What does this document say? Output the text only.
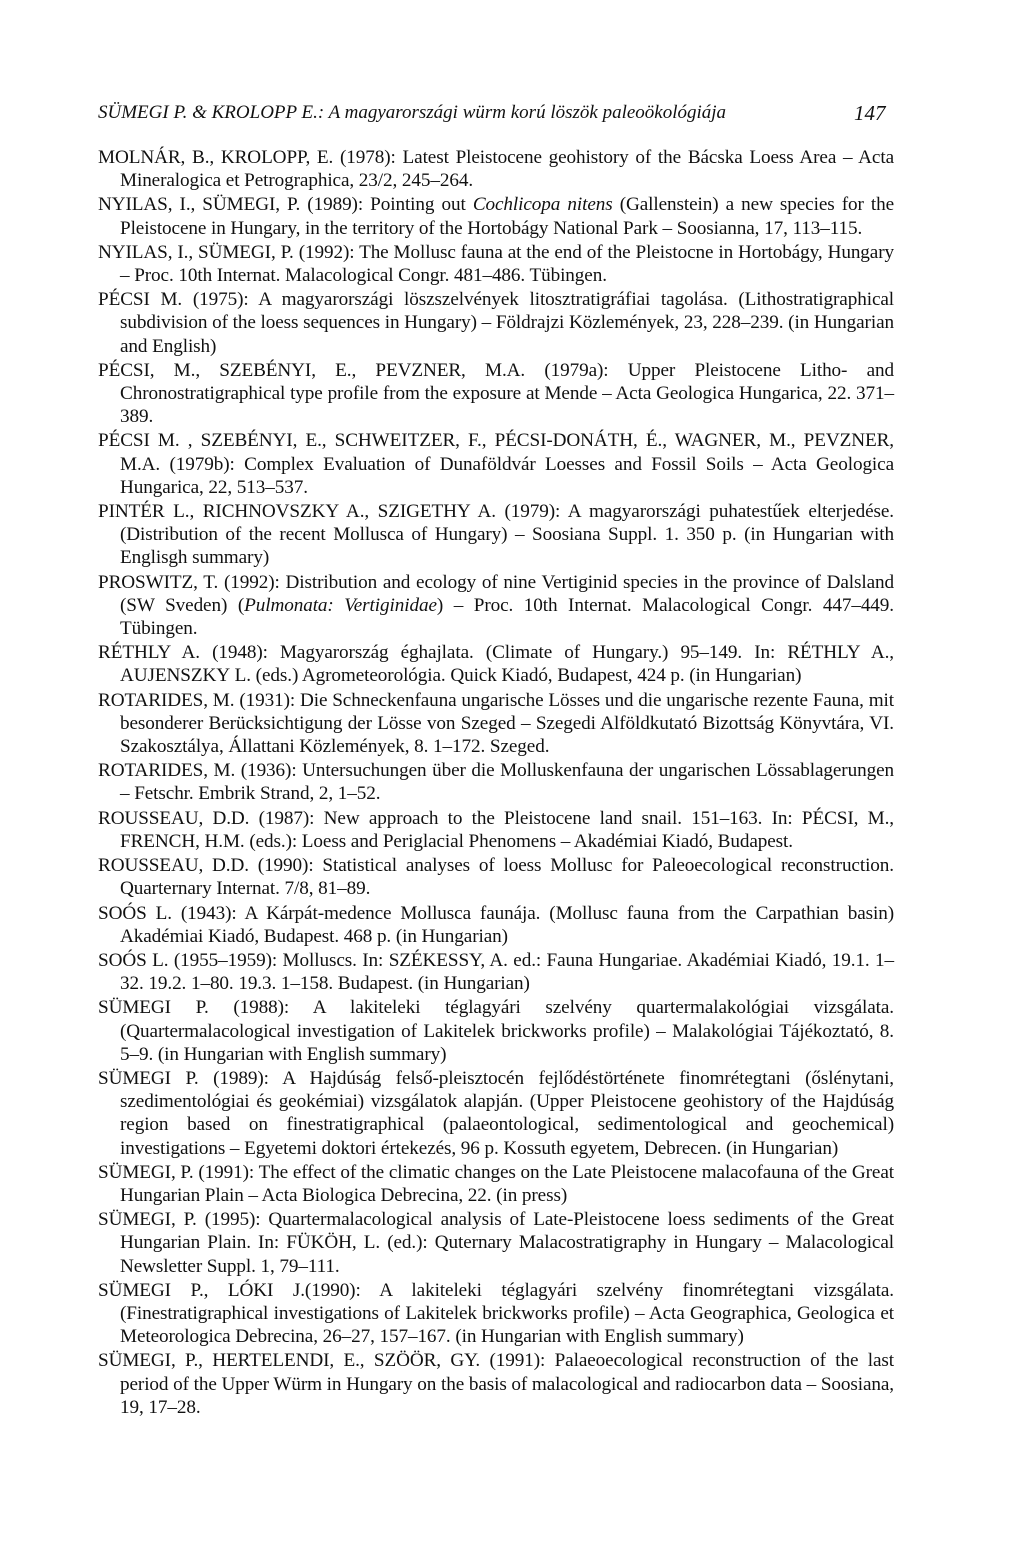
SÜMEGI P. & KROLOPP E.: A magyarországi würm korú löszök paleoökológiája	147

MOLNÁR, B., KROLOPP, E. (1978): Latest Pleistocene geohistory of the Bácska Loess Area – Acta Mineralogica et Petrographica, 23/2, 245–264.

NYILAS, I., SÜMEGI, P. (1989): Pointing out Cochlicopa nitens (Gallenstein) a new species for the Pleistocene in Hungary, in the territory of the Hortobágy National Park – Soosianna, 17, 113–115.

NYILAS, I., SÜMEGI, P. (1992): The Mollusc fauna at the end of the Pleistocne in Hortobágy, Hungary – Proc. 10th Internat. Malacological Congr. 481–486. Tübingen.

PÉCSI M. (1975): A magyarországi löszszelvények litosztratigráfiai tagolása. (Lithostratigraphical subdivision of the loess sequences in Hungary) – Földrajzi Közlemények, 23, 228–239. (in Hungarian and English)

PÉCSI, M., SZEBÉNYI, E., PEVZNER, M.A. (1979a): Upper Pleistocene Litho- and Chronostratigraphical type profile from the exposure at Mende – Acta Geologica Hungarica, 22. 371–389.

PÉCSI M. , SZEBÉNYI, E., SCHWEITZER, F., PÉCSI-DONÁTH, É., WAGNER, M., PEVZNER, M.A. (1979b): Complex Evaluation of Dunaföldvár Loesses and Fossil Soils – Acta Geologica Hungarica, 22, 513–537.

PINTÉR L., RICHNOVSZKY A., SZIGETHY A. (1979): A magyarországi puhatestűek elterjedése. (Distribution of the recent Mollusca of Hungary) – Soosiana Suppl. 1. 350 p. (in Hungarian with Englisgh summary)

PROSWITZ, T. (1992): Distribution and ecology of nine Vertiginid species in the province of Dalsland (SW Sveden) (Pulmonata: Vertiginidae) – Proc. 10th Internat. Malacological Congr. 447–449. Tübingen.

RÉTHLY A. (1948): Magyarország éghajlata. (Climate of Hungary.) 95–149. In: RÉTHLY A., AUJENSZKY L. (eds.) Agrometeorológia. Quick Kiadó, Budapest, 424 p. (in Hungarian)

ROTARIDES, M. (1931): Die Schneckenfauna ungarische Lösses und die ungarische rezente Fauna, mit besonderer Berücksichtigung der Lösse von Szeged – Szegedi Alföldkutató Bizottság Könyvtára, VI. Szakosztálya, Állattani Közlemények, 8. 1–172. Szeged.

ROTARIDES, M. (1936): Untersuchungen über die Molluskenfauna der ungarischen Lössablagerungen – Fetschr. Embrik Strand, 2, 1–52.

ROUSSEAU, D.D. (1987): New approach to the Pleistocene land snail. 151–163. In: PÉCSI, M., FRENCH, H.M. (eds.): Loess and Periglacial Phenomens – Akadémiai Kiadó, Budapest.

ROUSSEAU, D.D. (1990): Statistical analyses of loess Mollusc for Paleoecological reconstruction. Quarternary Internat. 7/8, 81–89.

SOÓS L. (1943): A Kárpát-medence Mollusca faunája. (Mollusc fauna from the Carpathian basin) Akadémiai Kiadó, Budapest. 468 p. (in Hungarian)

SOÓS L. (1955–1959): Molluscs. In: SZÉKESSY, A. ed.: Fauna Hungariae. Akadémiai Kiadó, 19.1. 1–32. 19.2. 1–80. 19.3. 1–158. Budapest. (in Hungarian)

SÜMEGI P. (1988): A lakiteleki téglagyári szelvény quartermalakológiai vizsgálata. (Quartermalacological investigation of Lakitelek brickworks profile) – Malakológiai Tájékoztató, 8. 5–9. (in Hungarian with English summary)

SÜMEGI P. (1989): A Hajdúság felső-pleisztocén fejlődéstörténete finomrétegtani (őslénytani, szedimentológiai és geokémiai) vizsgálatok alapján. (Upper Pleistocene geohistory of the Hajdúság region based on finestratigraphical (palaeontological, sedimentological and geochemical) investigations – Egyetemi doktori értekezés, 96 p. Kossuth egyetem, Debrecen. (in Hungarian)

SÜMEGI, P. (1991): The effect of the climatic changes on the Late Pleistocene malacofauna of the Great Hungarian Plain – Acta Biologica Debrecina, 22. (in press)

SÜMEGI, P. (1995): Quartermalacological analysis of Late-Pleistocene loess sediments of the Great Hungarian Plain. In: FÜKÖH, L. (ed.): Quternary Malacostratigraphy in Hungary – Malacological Newsletter Suppl. 1, 79–111.

SÜMEGI P., LÓKI J.(1990): A lakiteleki téglagyári szelvény finomrétegtani vizsgálata. (Finestratigraphical investigations of Lakitelek brickworks profile) – Acta Geographica, Geologica et Meteorologica Debrecina, 26–27, 157–167. (in Hungarian with English summary)

SÜMEGI, P., HERTELENDI, E., SZÖÖR, GY. (1991): Palaeoecological reconstruction of the last period of the Upper Würm in Hungary on the basis of malacological and radiocarbon data – Soosiana, 19, 17–28.
